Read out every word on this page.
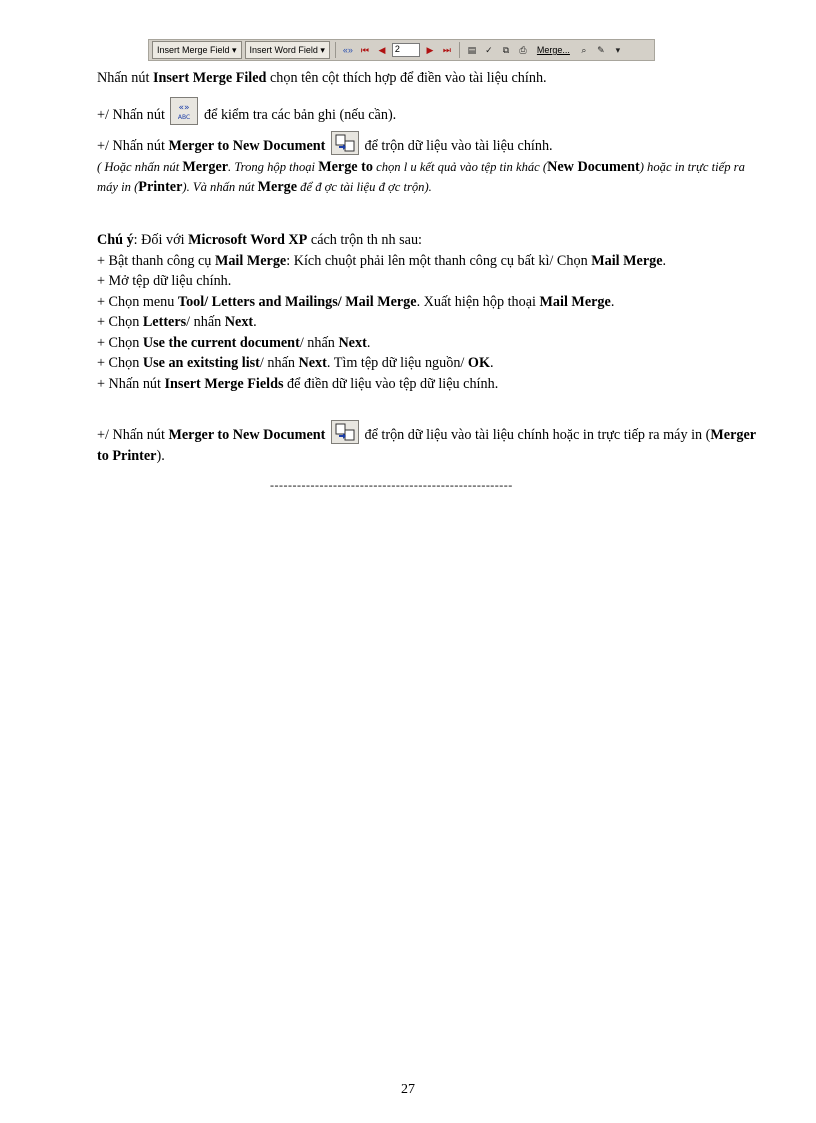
Insert Merge Field ▾	Insert Word Field ▾	«» ⏮	◀	2	▶	⏭	▤ ✓	⧉	⎙	Merge...	⌕	✎	▾

Nhấn nút Insert Merge Filed chọn tên cột thích hợp để điền vào tài liệu chính.

+/ Nhấn nút «»
ABC để kiểm tra các bản ghi (nếu cần).

+/ Nhấn nút Merger to New Document	để trộn dữ liệu vào tài liệu chính.

( Hoặc nhấn nút Merger. Trong hộp thoại Merge to chọn l u kết quả vào tệp tin khác (New Document) hoặc in trực tiếp ra máy in (Printer). Và nhấn nút Merge để đ ợc tài liệu đ ợc trộn).

Chú ý: Đối với Microsoft Word XP cách trộn th nh sau:

+ Bật thanh công cụ Mail Merge: Kích chuột phải lên một thanh công cụ bất kì/ Chọn Mail Merge.

+ Mở tệp dữ liệu chính.

+ Chọn menu Tool/ Letters and Mailings/ Mail Merge. Xuất hiện hộp thoại Mail Merge.

+ Chọn Letters/ nhấn Next.

+ Chọn Use the current document/ nhấn Next.

+ Chọn Use an exitsting list/ nhấn Next. Tìm tệp dữ liệu nguồn/ OK.

+ Nhấn nút Insert Merge Fields để điền dữ liệu vào tệp dữ liệu chính.

+/ Nhấn nút Merger to New Document	để trộn dữ liệu vào tài liệu chính hoặc in trực tiếp ra máy in (Merger to Printer).

------------------------------------------------------
27
